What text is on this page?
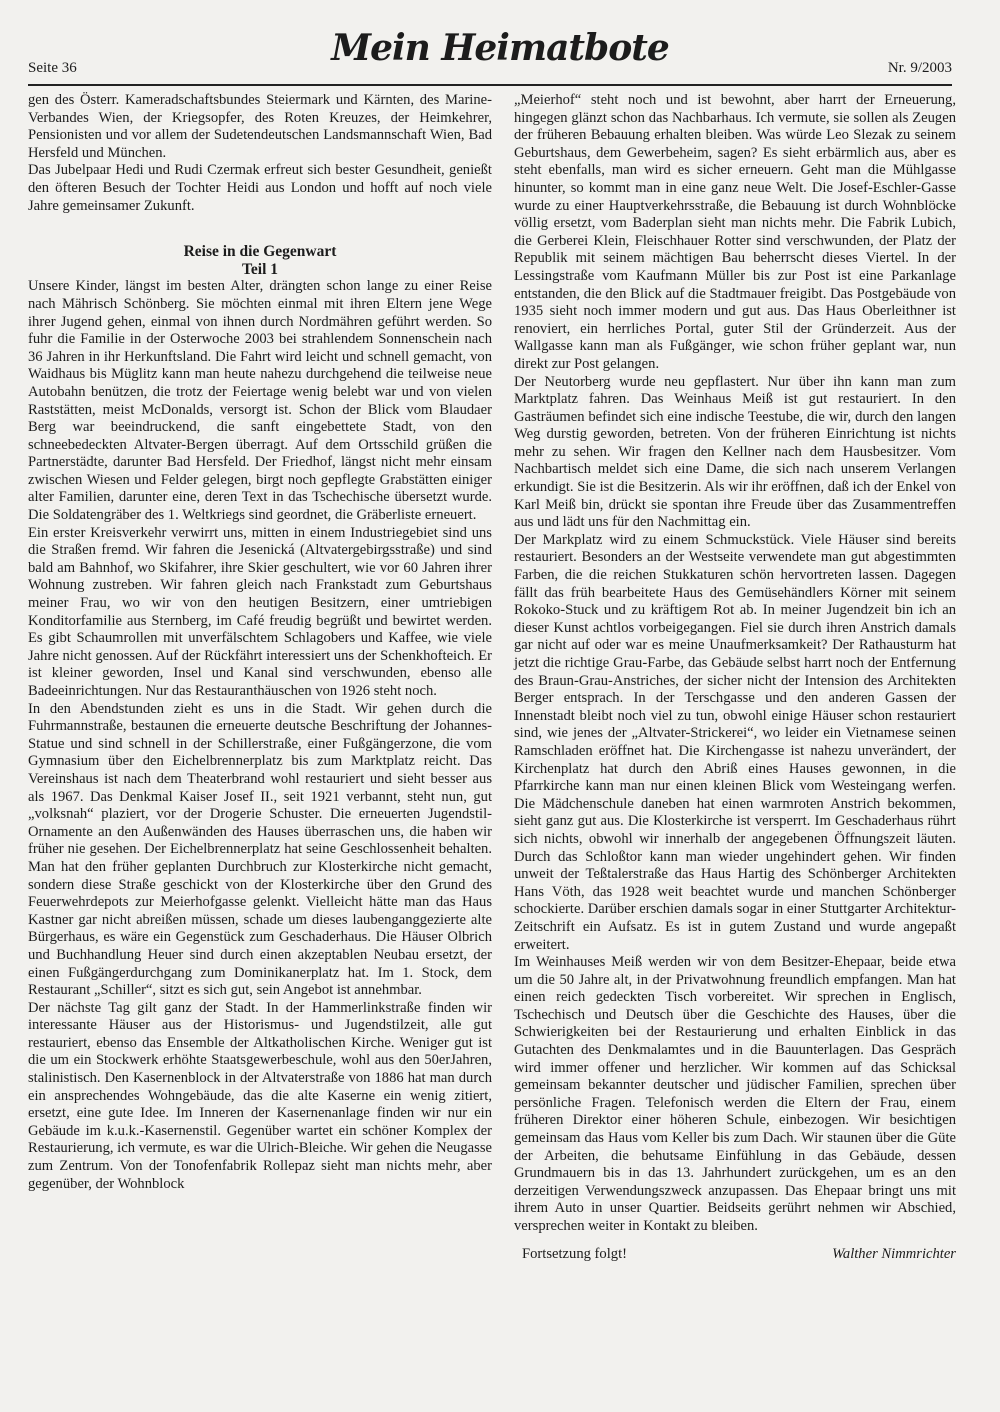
Seite 36	Mein Heimatbote	Nr. 9/2003

gen des Österr. Kameradschaftsbundes Steiermark und Kärnten, des Marine-Verbandes Wien, der Kriegsopfer, des Roten Kreuzes, der Heimkehrer, Pensionisten und vor allem der Sudetendeutschen Landsmannschaft Wien, Bad Hersfeld und München.

Das Jubelpaar Hedi und Rudi Czermak erfreut sich bester Gesundheit, genießt den öfteren Besuch der Tochter Heidi aus London und hofft auf noch viele Jahre gemeinsamer Zukunft.

Reise in die Gegenwart

Teil 1

Unsere Kinder, längst im besten Alter, drängten schon lange zu einer Reise nach Mährisch Schönberg. Sie möchten einmal mit ihren Eltern jene Wege ihrer Jugend gehen, einmal von ihnen durch Nordmähren geführt werden. So fuhr die Familie in der Osterwoche 2003 bei strahlendem Sonnenschein nach 36 Jahren in ihr Herkunftsland. Die Fahrt wird leicht und schnell gemacht, von Waidhaus bis Müglitz kann man heute nahezu durchgehend die teilweise neue Autobahn benützen, die trotz der Feiertage wenig belebt war und von vielen Raststätten, meist McDonalds, versorgt ist. Schon der Blick vom Blaudaer Berg war beeindruckend, die sanft eingebettete Stadt, von den schneebedeckten Altvater-Bergen überragt. Auf dem Ortsschild grüßen die Partnerstädte, darunter Bad Hersfeld. Der Friedhof, längst nicht mehr einsam zwischen Wiesen und Felder gelegen, birgt noch gepflegte Grabstätten einiger alter Familien, darunter eine, deren Text in das Tschechische übersetzt wurde. Die Soldatengräber des 1. Weltkriegs sind geordnet, die Gräberliste erneuert.

Ein erster Kreisverkehr verwirrt uns, mitten in einem Industriegebiet sind uns die Straßen fremd. Wir fahren die Jesenická (Altvatergebirgsstraße) und sind bald am Bahnhof, wo Skifahrer, ihre Skier geschultert, wie vor 60 Jahren ihrer Wohnung zustreben. Wir fahren gleich nach Frankstadt zum Geburtshaus meiner Frau, wo wir von den heutigen Besitzern, einer umtriebigen Konditorfamilie aus Sternberg, im Café freudig begrüßt und bewirtet werden. Es gibt Schaumrollen mit unverfälschtem Schlagobers und Kaffee, wie viele Jahre nicht genossen. Auf der Rückfährt interessiert uns der Schenkhofteich. Er ist kleiner geworden, Insel und Kanal sind verschwunden, ebenso alle Badeeinrichtungen. Nur das Restauranthäuschen von 1926 steht noch.

In den Abendstunden zieht es uns in die Stadt. Wir gehen durch die Fuhrmannstraße, bestaunen die erneuerte deutsche Beschriftung der Johannes-Statue und sind schnell in der Schillerstraße, einer Fußgängerzone, die vom Gymnasium über den Eichelbrennerplatz bis zum Marktplatz reicht. Das Vereinshaus ist nach dem Theaterbrand wohl restauriert und sieht besser aus als 1967. Das Denkmal Kaiser Josef II., seit 1921 verbannt, steht nun, gut „volksnah“ plaziert, vor der Drogerie Schuster. Die erneuerten Jugendstil-Ornamente an den Außenwänden des Hauses überraschen uns, die haben wir früher nie gesehen. Der Eichelbrennerplatz hat seine Geschlossenheit behalten. Man hat den früher geplanten Durchbruch zur Klosterkirche nicht gemacht, sondern diese Straße geschickt von der Klosterkirche über den Grund des Feuerwehrdepots zur Meierhofgasse gelenkt. Vielleicht hätte man das Haus Kastner gar nicht abreißen müssen, schade um dieses laubenganggezierte alte Bürgerhaus, es wäre ein Gegenstück zum Geschaderhaus. Die Häuser Olbrich und Buchhandlung Heuer sind durch einen akzeptablen Neubau ersetzt, der einen Fußgängerdurchgang zum Dominikanerplatz hat. Im 1. Stock, dem Restaurant „Schiller“, sitzt es sich gut, sein Angebot ist annehmbar.

Der nächste Tag gilt ganz der Stadt. In der Hammerlinkstraße finden wir interessante Häuser aus der Historismus- und Jugendstilzeit, alle gut restauriert, ebenso das Ensemble der Altkatholischen Kirche. Weniger gut ist die um ein Stockwerk erhöhte Staatsgewerbeschule, wohl aus den 50erJahren, stalinistisch. Den Kasernenblock in der Altvaterstraße von 1886 hat man durch ein ansprechendes Wohngebäude, das die alte Kaserne ein wenig zitiert, ersetzt, eine gute Idee. Im Inneren der Kasernenanlage finden wir nur ein Gebäude im k.u.k.-Kasernenstil. Gegenüber wartet ein schöner Komplex der Restaurierung, ich vermute, es war die Ulrich-Bleiche. Wir gehen die Neugasse zum Zentrum. Von der Tonofenfabrik Rollepaz sieht man nichts mehr, aber gegenüber, der Wohnblock

„Meierhof“ steht noch und ist bewohnt, aber harrt der Erneuerung, hingegen glänzt schon das Nachbarhaus. Ich vermute, sie sollen als Zeugen der früheren Bebauung erhalten bleiben. Was würde Leo Slezak zu seinem Geburtshaus, dem Gewerbeheim, sagen? Es sieht erbärmlich aus, aber es steht ebenfalls, man wird es sicher erneuern. Geht man die Mühlgasse hinunter, so kommt man in eine ganz neue Welt. Die Josef-Eschler-Gasse wurde zu einer Hauptverkehrsstraße, die Bebauung ist durch Wohnblöcke völlig ersetzt, vom Baderplan sieht man nichts mehr. Die Fabrik Lubich, die Gerberei Klein, Fleischhauer Rotter sind verschwunden, der Platz der Republik mit seinem mächtigen Bau beherrscht dieses Viertel. In der Lessingstraße vom Kaufmann Müller bis zur Post ist eine Parkanlage entstanden, die den Blick auf die Stadtmauer freigibt. Das Postgebäude von 1935 sieht noch immer modern und gut aus. Das Haus Oberleithner ist renoviert, ein herrliches Portal, guter Stil der Gründerzeit. Aus der Wallgasse kann man als Fußgänger, wie schon früher geplant war, nun direkt zur Post gelangen.

Der Neutorberg wurde neu gepflastert. Nur über ihn kann man zum Marktplatz fahren. Das Weinhaus Meiß ist gut restauriert. In den Gasträumen befindet sich eine indische Teestube, die wir, durch den langen Weg durstig geworden, betreten. Von der früheren Einrichtung ist nichts mehr zu sehen. Wir fragen den Kellner nach dem Hausbesitzer. Vom Nachbartisch meldet sich eine Dame, die sich nach unserem Verlangen erkundigt. Sie ist die Besitzerin. Als wir ihr eröffnen, daß ich der Enkel von Karl Meiß bin, drückt sie spontan ihre Freude über das Zusammentreffen aus und lädt uns für den Nachmittag ein.

Der Markplatz wird zu einem Schmuckstück. Viele Häuser sind bereits restauriert. Besonders an der Westseite verwendete man gut abgestimmten Farben, die die reichen Stukkaturen schön hervortreten lassen. Dagegen fällt das früh bearbeitete Haus des Gemüsehändlers Körner mit seinem Rokoko-Stuck und zu kräftigem Rot ab. In meiner Jugendzeit bin ich an dieser Kunst achtlos vorbeigegangen. Fiel sie durch ihren Anstrich damals gar nicht auf oder war es meine Unaufmerksamkeit? Der Rathausturm hat jetzt die richtige Grau-Farbe, das Gebäude selbst harrt noch der Entfernung des Braun-Grau-Anstriches, der sicher nicht der Intension des Architekten Berger entsprach. In der Terschgasse und den anderen Gassen der Innenstadt bleibt noch viel zu tun, obwohl einige Häuser schon restauriert sind, wie jenes der „Altvater-Strickerei“, wo leider ein Vietnamese seinen Ramschladen eröffnet hat. Die Kirchengasse ist nahezu unverändert, der Kirchenplatz hat durch den Abriß eines Hauses gewonnen, in die Pfarrkirche kann man nur einen kleinen Blick vom Westeingang werfen. Die Mädchenschule daneben hat einen warmroten Anstrich bekommen, sieht ganz gut aus. Die Klosterkirche ist versperrt. Im Geschaderhaus rührt sich nichts, obwohl wir innerhalb der angegebenen Öffnungszeit läuten. Durch das Schloßtor kann man wieder ungehindert gehen. Wir finden unweit der Teßtalerstraße das Haus Hartig des Schönberger Architekten Hans Vöth, das 1928 weit beachtet wurde und manchen Schönberger schockierte. Darüber erschien damals sogar in einer Stuttgarter Architektur-Zeitschrift ein Aufsatz. Es ist in gutem Zustand und wurde angepaßt erweitert.

Im Weinhauses Meiß werden wir von dem Besitzer-Ehepaar, beide etwa um die 50 Jahre alt, in der Privatwohnung freundlich empfangen. Man hat einen reich gedeckten Tisch vorbereitet. Wir sprechen in Englisch, Tschechisch und Deutsch über die Geschichte des Hauses, über die Schwierigkeiten bei der Restaurierung und erhalten Einblick in das Gutachten des Denkmalamtes und in die Bauunterlagen. Das Gespräch wird immer offener und herzlicher. Wir kommen auf das Schicksal gemeinsam bekannter deutscher und jüdischer Familien, sprechen über persönliche Fragen. Telefonisch werden die Eltern der Frau, einem früheren Direktor einer höheren Schule, einbezogen. Wir besichtigen gemeinsam das Haus vom Keller bis zum Dach. Wir staunen über die Güte der Arbeiten, die behutsame Einfühlung in das Gebäude, dessen Grundmauern bis in das 13. Jahrhundert zurückgehen, um es an den derzeitigen Verwendungszweck anzupassen. Das Ehepaar bringt uns mit ihrem Auto in unser Quartier. Beidseits gerührt nehmen wir Abschied, versprechen weiter in Kontakt zu bleiben.

Fortsetzung folgt!	Walther Nimmrichter
